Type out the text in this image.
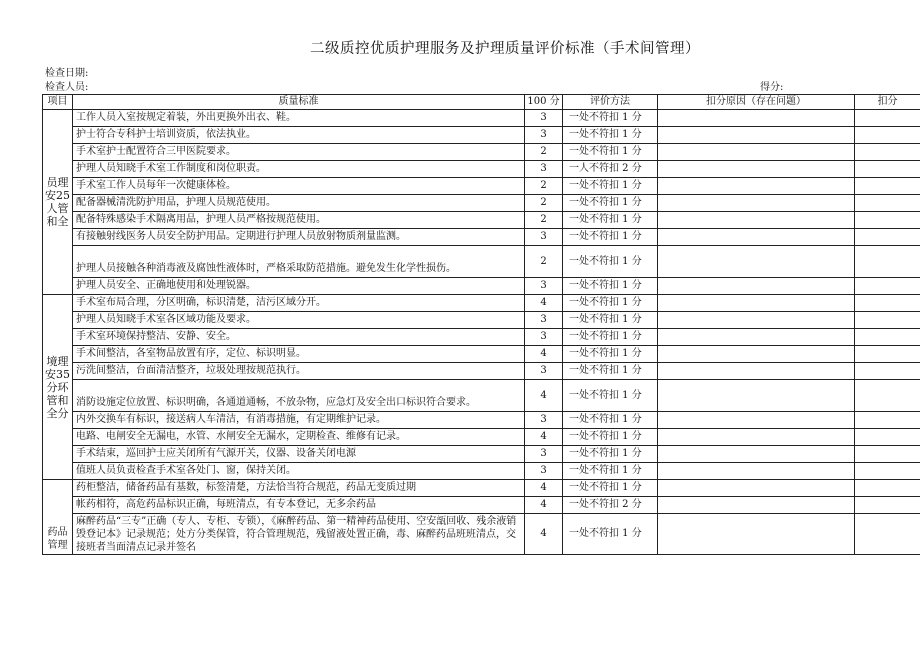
二级质控优质护理服务及护理质量评价标准（手术间管理）
检查日期:
检查人员:	得分:
项目	质量标准	100 分	评价方法	扣分原因（存在问题）	扣分
员理安25人管和全	工作人员入室按规定着装，外出更换外出衣、鞋。	3	一处不符扣 1 分		
	护士符合专科护士培训资质，依法执业。	3	一处不符扣 1 分		
	手术室护士配置符合三甲医院要求。	2	一处不符扣 1 分		
	护理人员知晓手术室工作制度和岗位职责。	3	一人不符扣 2 分		
	手术室工作人员每年一次健康体检。	2	一处不符扣 1 分		
	配备器械清洗防护用品，护理人员规范使用。	2	一处不符扣 1 分		
	配备特殊感染手术隔离用品，护理人员严格按规范使用。	2	一处不符扣 1 分		
	有接触射线医务人员安全防护用品。定期进行护理人员放射物质剂量监测。	3	一处不符扣 1 分		
	护理人员接触各种消毒液及腐蚀性液体时，严格采取防范措施。避免发生化学性损伤。	2	一处不符扣 1 分		
	护理人员安全、正确地使用和处理锐器。	3	一处不符扣 1 分		
境理安35分环管和全分	手术室布局合理，分区明确，标识清楚，洁污区域分开。	4	一处不符扣 1 分		
	护理人员知晓手术室各区域功能及要求。	3	一处不符扣 1 分		
	手术室环境保持整洁、安静、安全。	3	一处不符扣 1 分		
	手术间整洁，各室物品放置有序，定位、标识明显。	4	一处不符扣 1 分		
	污洗间整洁，台面清洁整齐，垃圾处理按规范执行。	3	一处不符扣 1 分		
	消防设施定位放置、标识明确，各通道通畅，不放杂物，应急灯及安全出口标识符合要求。	4	一处不符扣 1 分		
	内外交换车有标识，接送病人车清洁，有消毒措施，有定期维护记录。	3	一处不符扣 1 分		
	电路、电闸安全无漏电，水管、水闸安全无漏水，定期检查、维修有记录。	4	一处不符扣 1 分		
	手术结束，巡回护士应关闭所有气源开关，仪器、设备关闭电源	3	一处不符扣 1 分		
	值班人员负责检查手术室各处门、窗，保持关闭。	3	一处不符扣 1 分		
药品管理	药柜整洁，储备药品有基数，标签清楚，方法恰当符合规范，药品无变质过期	4	一处不符扣 1 分		
	帐药相符，高危药品标识正确，每班清点，有专本登记，无多余药品	4	一处不符扣 2 分		
	麻醉药品“三专”正确（专人、专柜、专锁），《麻醉药品、第一精神药品使用、空安瓿回收、残余液销毁登记本》记录规范；处方分类保管，符合管理规范，残留液处置正确，毒、麻醉药品班班清点，交接班者当面清点记录并签名	4	一处不符扣 1 分		
